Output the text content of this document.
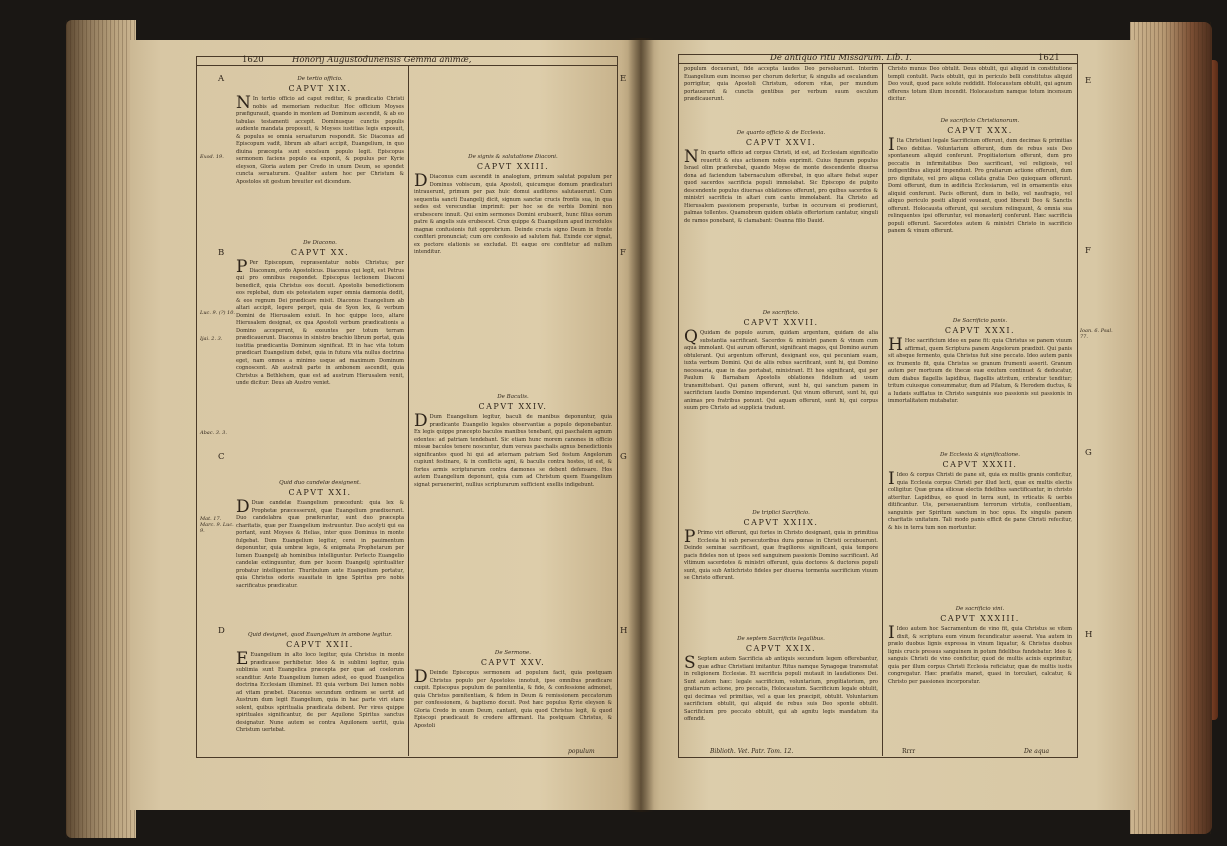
1620	Honorij Augustodunensis Gemma animæ,
A
B
C
D
E
F
G
H
Exod. 19.
Luc. 9. (?) 10.
Ijai. 2. 3.
Abac. 3. 3.
Mat. 17. Marc. 9. Luc. 9.

De tertio officio.

CAPVT XIX.

N In tertio officio ad caput reditur, & prædicatio Christi nobis ad memoriam reducitur. Hoc officium Moyses præfigurauit, quando in montem ad Dominum ascendit, & ab eo tabulas testamenti accepit. Dominusque cunctis populis audiente mandata proposuit, & Moyses iustitias legis exposuit, & populus se omnia seruaturum respondit. Sic Diaconus ad Episcopum vadit, librum ab altari accipit, Euangelium, in quo diuina præcepta sunt excelsum populo legit. Episcopus sermonem faciens populo ea exponit, & populus per Kyrie eleyson, Gloria autem per Credo in unum Deum, se spondet cuncta seruaturum. Qualiter autem hoc per Christum & Apostolos sit gestum breuiter est dicendum.

De Diacono.

CAPVT XX.

P Per Episcopum, repræsentatur nobis Christus; per Diaconum, ordo Apostolicus. Diaconus qui legit, est Petrus qui pro omnibus respondet. Episcopus lectionem Diaconi benedicit, quia Christus eos docuit. Apostolis benedictionem eos replebat, dum eis potestatem super omnia dæmonia dedit, & eos regnum Dei prædicare misit. Diaconus Euangelium ab altari accipit, legere perget, quia de Syon lex, & verbum Domini de Hierusalem exiuit. In hoc quippe loco, altare Hierusalem designat, ex qua Apostoli verbum prædicationis a Domino acceperunt, & exeuntes per totum terram prædicauerunt. Diaconus in sinistro brachio librum portat, quia iustitia prædicantia Dominum significat. Et in hac vita totum prædicari Euangelium debet, quia in futura vita nullus doctrina eget, nam omnes a minimo usque ad maximum Dominum cognoscent. Ab australi parte in ambonem ascendit, quia Christus a Bethlehem, quæ est ad austrum Hierusalem venit, unde dicitur: Deus ab Austro veniet.

Quid duo candelæ designent.

CAPVT XXI.

D Duæ candelæ Euangelium præcedunt: quia lex & Prophetæ præcesserunt, quæ Euangelium prædixerunt. Duo candelabra quæ præferuntur, sunt duo præcepta charitatis, quæ per Euangelium instruuntur. Duo acolyti qui ea portant, sunt Moyses & Helias, inter quos Dominus in monte fulgebat. Dum Euangelium legitur, cerei in pauimentum deponuntur, quia umbræ legis, & enigmata Prophetarum per lumen Euangelij ab hominibus intelliguntur. Perlecto Euangelio candelæ extinguuntur, dum per lucem Euangelij spiritualiter probatur intelligentur. Thuribulum ante Euangelium portatur, quia Christus odoris suauitate in igne Spiritus pro nobis sacrificatus prædicatur.

Quid designet, quod Euangelium in ambone legitur.

CAPVT XXII.

E Euangelium in alto loco legitur, quia Christus in monte prædicasse perhibetur. Ideo & in sublimi legitur, quia sublimia sunt Euangelica præcepta per quæ ad coelorum scanditur. Ante Euangelium lumen adest, eo quod Euangelica doctrina Ecclesiam illuminet. Et quia verbum Dei lumen nobis ad vitam præbet. Diaconus secundum ordinem se uertit ad Austrum dum legit Euangelium, quia in hac parte viri stare solent, quibus spiritualia prædicata debent. Per vires quippe spirituales significantur, de per Aquilone Spiritus sanctus designatur. Nune autem se contra Aquilonem uertit, quia Christum uertebat.

De signis & salutatione Diaconi.

CAPVT XXIII.

D Diaconus cum ascendit in analogium, primum salutat populum per Dominus vobiscum, quia Apostoli, quicumque domum prædicaturi intrauerunt, primum per pax huic domui auditores salutauerunt. Cum sequentia sancti Euangelij dicit, signum sanctæ crucis frontis sua, in qua sedes est verecundiæ imprimit: per hoc se de verbis Domini non erubescere innuit. Qui enim sermones Domini erubuerit, hunc filius eorum patre & angelis suis erubescet. Crux quippe & Euangelium apud incredulos magnæ confusionis fuit opprobrium. Deinde crucis signo Deum in fronte confiteri pronunciat; cum ore confessio ad salutem fiat. Exinde cor signat, ex pectore elationis se excludat. Et eaque ore confitetur ad nullum intenditur.

De Baculis.

CAPVT XXIV.

D Dum Euangelium legitur, baculi de manibus deponuntur, quia prædicante Euangelio legales observantiæ a populo deponebantur. Ex legis quippe præcepto baculos manibus tenebant, qui paschalem agnum edentes: ad patriam tendebant. Sic etiam hunc morem canones in officio missæ baculos tenere noscuntur, dum versus paschalis agnus benedictionis significantes quod hi qui ad æternam patriam Sed festum Angelorum cupiunt festinare, & in conflictis agni, & baculis contra hostes, id est, & fortes armis scripturarum contra dæmones se debent defensare. Hos autem Euangelium deponunt, quia cum ad Christum quem Euangelium signat peruenerint, nullius scripturarum sufficient exellis indigebunt.

De Sermone.

CAPVT XXV.

D Deinde Episcopus sermonem ad populum facit, quia postquam Christus populo per Apostolos innotuit, ipse omnibus prædicare cœpit. Episcopus populum de pœnitentia, & fide, & confessione admonet, quia Christus pœnitentiam, & fidem in Deum & remissionem peccatorum per confessionem, & baptismo docuit. Post hæc populus Kyrie eleyson & Gloria Credo in unum Deum, cantant, quia quod Christus legit, & quod Episcopi prædicauit fe credere affirmant. Ita postquam Christus, & Apostoli

populum
De antiquo ritu Missarum. Lib. I.	1621
E
F
G
H
Ioan. 6. Psal. 77.

populum docuerant, fide accepta laudes Deo persoluerunt. Interim Euangelium eum incenso per chorum defertur, & singulis ad osculandum porrigitur, quia Apostoli Christum, odorem vitæ, per mundum portauerunt & cunctis gentibus per verbum suum osculum prædicauerunt.

De quarto officio & de Ecclesia.

CAPVT XXVI.

N In quarto officio ad corpus Christi, id est, ad Ecclesiam significatio reuertit & eius actionem nobis exprimit. Cuius figuram populus Israel olim præferebat, quando Moyse de monte descendente diuersa dona ad faciendum tabernaculum offerebat, in quo altare fiebat super quod sacerdos sacrificia populi immolabat. Sic Episcopo de pulpito descendente populus diuersas oblationes offerunt, pro quibus sacerdos & ministri sacrificia in altari cum cantu immolabant. Ita Christo ad Hierusalem passionem properante, turbæ in occursum ei prodierunt, palmas tollentes. Quamobrem quidem oblatis offertorium cantatur, singuli de ramos ponebant, & clamabant: Osanna filio Dauid.

De sacrificio.

CAPVT XXVII.

Q Quidam de populo aurum, quidam argentum, quidam de alia substantia sacrificant. Sacerdos & ministri panem & vinum cum aqua immolant. Qui aurum offerunt, significant magos, qui Domino aurum obtulerant. Qui argentum offerunt, designant eos, qui pecuniam suam, iuxta verbum Domini. Qui de aliis rebus sacrificant, sunt hi, qui Domino necessaria, quæ in das portabat, ministrant. Et hos significant, qui per Paulum & Barnabam Apostolis oblationes fidelium ad usum transmittebant. Qui panem offerunt, sunt hi, qui sanctum panem in sacrificium laudis Domino impenderunt. Qui vinum offerunt, sunt hi, qui animas pro fratribus ponunt. Qui aquam offerunt, sunt hi, qui corpus suum pro Christo ad supplicia tradunt.

De triplici Sacrificio.

CAPVT XXIIX.

P Primo viri offerunt, qui fortes in Christo designant, quia in primitiua Ecclesia hi sub persecutoribus dura pœnas in Christi occubuerunt. Deinde seminæ sacrificant, quæ fragiliores significant, quia tempore pacis fideles non ut ipsos sed sanguinem passionis Domino sacrificant. Ad vltimum sacerdotes & ministri offerunt, quia doctores & ductores populi sunt, quia sub Antichristo fideles per diuersa tormenta sacrificium viuum se Christo offerunt.

De septem Sacrificiis legalibus.

CAPVT XXIX.

S Septem autem Sacrificia ab antiquis secundum legem offerebantur, quæ adhuc Christiani imitantur. Ritus namque Synagogæ transmutat in religionem Ecclesiæ. Et sacrificia populi mutauit in laudationes Dei. Sunt autem hæc: legale sacrificium, voluntarium, propitiatorium, pro gratiarum actione, pro peccatis, Holocaustum. Sacrificium legale obtulit, qui decimas vel primitias, vel a quæ lex præcipit, obtulit. Voluntarium sacrificium obtulit, qui aliquid de rebus suis Deo sponte obtulit. Sacrificium pro peccato obtulit, qui ab agnitu legis mandatum ita offendit.

Christo munus Deo obtulit. Deus obtulit, qui aliquid in constitutione templi contulit. Pacis obtulit, qui in periculo belli constitutus aliquid Deo vouit, quod pace solute reddidit. Holocaustum obtulit, qui agnum offerens totum illum incendit. Holocaustum namque totum incensum dicitur.

De sacrificio Christianorum.

CAPVT XXX.

I Ita Christiani legale Sacrificium offerunt, dum decimas & primitias Deo debitas. Voluntarium offerunt, dum de rebus suis Deo spontaneum aliquid conferunt. Propitiatorium offerunt, dum pro peccatis in infirmitatibus Deo sacrificant, vel religiosis, vel indigentibus aliquid impendunt. Pro gratiarum actione offerunt, dum pro dignitate, vel pro aliqua collata gratia Deo quiequam offerunt. Domi offerunt, dum in ædificia Ecclesiarum, vel in ornamentis eius aliquid conferunt. Pacis offerunt, dum in bello, vel naufragio, vel aliquo periculo positi aliquid voueant, quod liberati Deo & Sanctis offerunt. Holocausta offerunt, qui seculum relinquunt, & omnia sua relinquentes ipsi offeruntur, vel monasterij conferunt. Hæc sacrificia populi offerunt. Sacerdotes autem & ministri Christo in sacrificio panem & vinum offerunt.

De Sacrificio panis.

CAPVT XXXI.

H Hoc sacrificium ideo ex pane fit: quia Christus se panem viuum affirmat, quem Scriptura panem Angelorum prædixit. Qui panis sit absque fermento, quia Christus fuit sine peccato. Ideo autem panis ex frumento fit, quia Christus se granum frumenti asserit. Granum autem per mortuum de thecæ suæ exutum continuet & deducatur, dum diabus flagellis lapidibus, flagellis attritum, cribratur tenditur; tritum cuiusque consummatur, dum ad Pilatum, & Herodem ductus, & a Iudæis sufflatus in Christo sanguinis suo passionis sui passionis in immortalitatem mutabatur.

De Ecclesia & significatione.

CAPVT XXXII.

I Ideo & corpus Christi de pane sit, quia ex multis granis conficitur, quia Ecclesia corpus Christi per illud lecti, quæ ex multis electis colligitur. Quæ grana siliceæ electis fidelibus sanctificantur, in christo atteritur. Lapidibus, eo quod in terra sunt, in vrticatis & uerbis ditificantur. Uis, perseuerantium terrorum virtutis, confluentiam, sanguinis per Spiritum sanctum in hoc opus. Ex singulis panem charitatis unitatum. Tali modo panis efficit de pane Christi refecitur, & his in terra tum non mortuntur.

De sacrificio vini.

CAPVT XXXIII.

I Ideo autem hoc Sacramentum de vino fit, quia Christus se vitem dixit, & scriptura eum vinum fecundicatur asserat. Vua autem in prælo duobus lignis expressa in vinum liquatur, & Christus duobus lignis crucis pressus sanguinem in potum fidelibus fundebatur. Ideo & sanguis Christi de vino conficitur, quod de multis acinis exprimitur, quia per illum corpus Christi Ecclesia reficiatur, quæ de multis iustis congregatur. Hæc præfatis manet, quasi in torculari, calcatur, & Christo per passiones incorporatur.

Biblioth. Vet. Patr. Tom. 12.	Rrrr	De aqua
